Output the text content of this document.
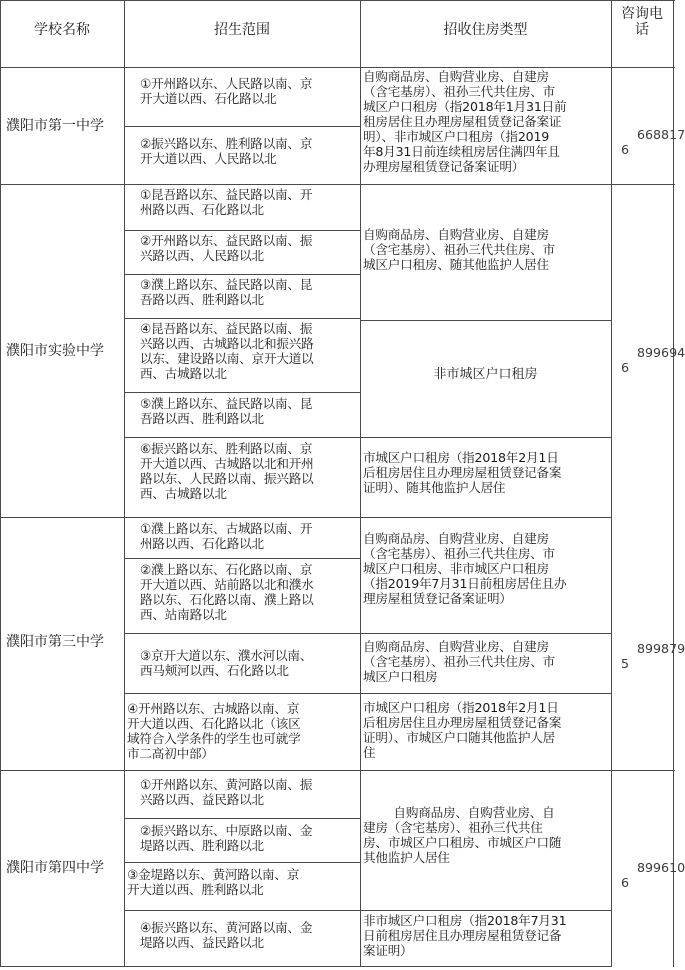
学校名称	招生范围	招收住房类型
咨询电
话
濮阳市第一中学
濮阳市实验中学
濮阳市第三中学
濮阳市第四中学

668817
6

899694
6

899879
5

899610
6

①开州路以东、人民路以南、京
开大道以西、石化路以北
②振兴路以东、胜利路以南、京
开大道以西、人民路以北
自购商品房、自购营业房、自建房
（含宅基房）、祖孙三代共住房、市
城区户口租房（指2018年1月31日前
租房居住且办理房屋租赁登记备案证
明）、非市城区户口租房（指2019
年8月31日前连续租房居住满四年且
办理房屋租赁登记备案证明）
①昆吾路以东、益民路以南、开
州路以西、石化路以北
②开州路以东、益民路以南、振
兴路以西、人民路以北
③濮上路以东、益民路以南、昆
吾路以西、胜利路以北
④昆吾路以东、益民路以南、振
兴路以西、古城路以北和振兴路
以东、建设路以南、京开大道以
西、古城路以北
⑤濮上路以东、益民路以南、昆
吾路以西、胜利路以北
⑥振兴路以东、胜利路以南、京
开大道以西、古城路以北和开州
路以东、人民路以南、振兴路以
西、古城路以北
自购商品房、自购营业房、自建房
（含宅基房）、祖孙三代共住房、市
城区户口租房、随其他监护人居住
非市城区户口租房
市城区户口租房（指2018年2月1日
后租房居住且办理房屋租赁登记备案
证明）、随其他监护人居住
①濮上路以东、古城路以南、开
州路以西、石化路以北
②濮上路以东、石化路以南、京
开大道以西、站前路以北和濮水
路以东、石化路以南、濮上路以
西、站南路以北
③京开大道以东、濮水河以南、
西马颊河以西、石化路以北
④开州路以东、古城路以南、京
开大道以西、石化路以北（该区
域符合入学条件的学生也可就学
市二高初中部）
自购商品房、自购营业房、自建房
（含宅基房）、祖孙三代共住房、市
城区户口租房、非市城区户口租房
（指2019年7月31日前租房居住且办
理房屋租赁登记备案证明）
自购商品房、自购营业房、自建房
（含宅基房）、祖孙三代共住房、市
城区户口租房
市城区户口租房（指2018年2月1日
后租房居住且办理房屋租赁登记备案
证明）、市城区户口随其他监护人居
住
①开州路以东、黄河路以南、振
兴路以西、益民路以北
②振兴路以东、中原路以南、金
堤路以西、胜利路以北
③金堤路以东、黄河路以南、京
开大道以西、胜利路以北
④振兴路以东、黄河路以南、金
堤路以西、益民路以北
自购商品房、自购营业房、自
建房（含宅基房）、祖孙三代共住
房、市城区户口租房、市城区户口随
其他监护人居住
非市城区户口租房（指2018年7月31
日前租房居住且办理房屋租赁登记备
案证明）
